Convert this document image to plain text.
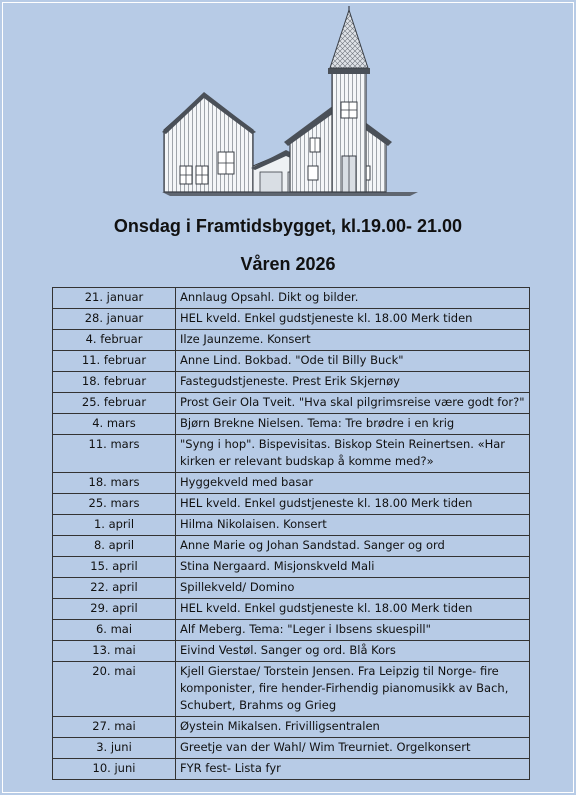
Onsdag i Framtidsbygget, kl.19.00- 21.00
Våren 2026
21. januar	Annlaug Opsahl. Dikt og bilder.
28. januar	HEL kveld. Enkel gudstjeneste kl. 18.00 Merk tiden
4. februar	Ilze Jaunzeme. Konsert
11. februar	Anne Lind. Bokbad. "Ode til Billy Buck"
18. februar	Fastegudstjeneste. Prest Erik Skjernøy
25. februar	Prost Geir Ola Tveit. "Hva skal pilgrimsreise være godt for?"
4. mars	Bjørn Brekne Nielsen. Tema: Tre brødre i en krig
11. mars	"Syng i hop". Bispevisitas. Biskop Stein Reinertsen. «Har kirken er relevant budskap å komme med?»
18. mars	Hyggekveld med basar
25. mars	HEL kveld. Enkel gudstjeneste kl. 18.00 Merk tiden
1. april	Hilma Nikolaisen. Konsert
8. april	Anne Marie og Johan Sandstad. Sanger og ord
15. april	Stina Nergaard. Misjonskveld Mali
22. april	Spillekveld/ Domino
29. april	HEL kveld. Enkel gudstjeneste kl. 18.00 Merk tiden
6. mai	Alf Meberg. Tema: "Leger i Ibsens skuespill"
13. mai	Eivind Vestøl. Sanger og ord. Blå Kors
20. mai	Kjell Gierstae/ Torstein Jensen. Fra Leipzig til Norge- fire komponister, fire hender-Firhendig pianomusikk av Bach, Schubert, Brahms og Grieg
27. mai	Øystein Mikalsen. Frivilligsentralen
3. juni	Greetje van der Wahl/ Wim Treurniet. Orgelkonsert
10. juni	FYR fest- Lista fyr
